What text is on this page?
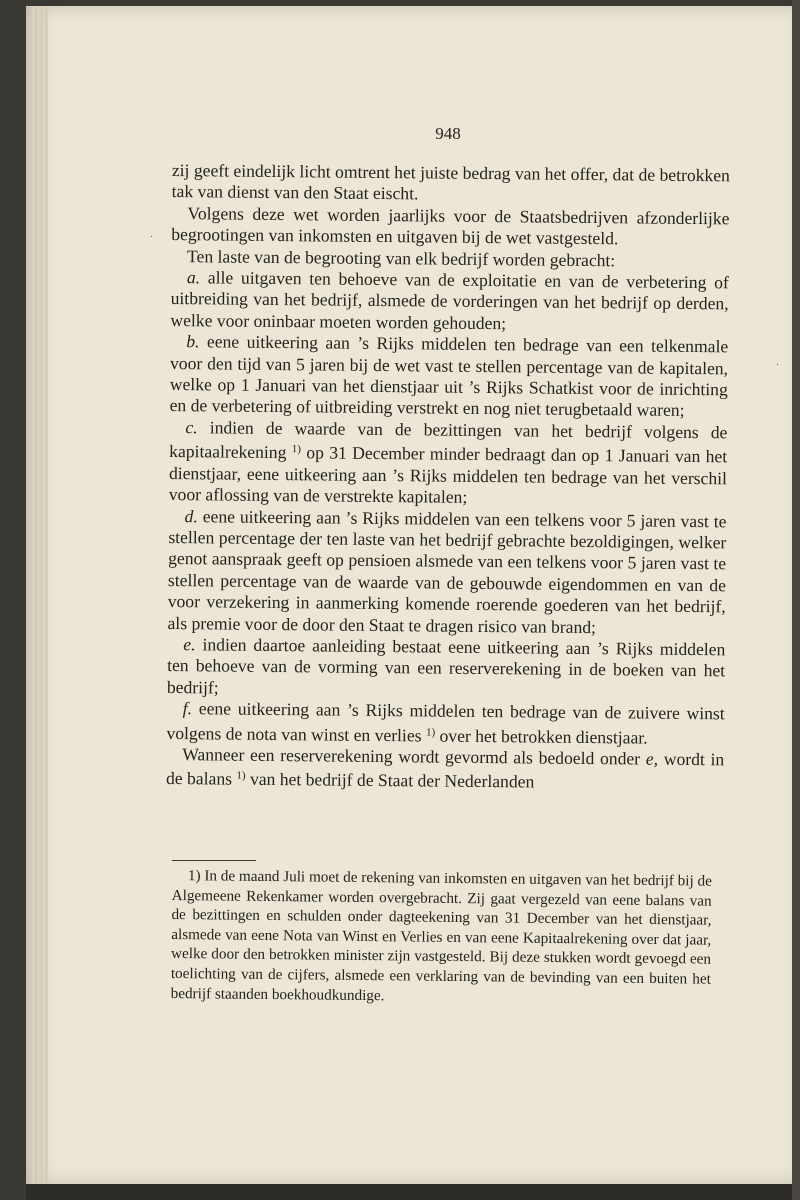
948

zij geeft eindelijk licht omtrent het juiste bedrag van het offer, dat de betrokken tak van dienst van den Staat eischt.

Volgens deze wet worden jaarlijks voor de Staatsbedrijven afzonderlijke begrootingen van inkomsten en uitgaven bij de wet vastgesteld.

Ten laste van de begrooting van elk bedrijf worden gebracht:

a. alle uitgaven ten behoeve van de exploitatie en van de verbetering of uitbreiding van het bedrijf, alsmede de vorderingen van het bedrijf op derden, welke voor oninbaar moeten worden gehouden;

b. eene uitkeering aan ’s Rijks middelen ten bedrage van een telkenmale voor den tijd van 5 jaren bij de wet vast te stellen percentage van de kapitalen, welke op 1 Januari van het dienstjaar uit ’s Rijks Schatkist voor de inrichting en de verbetering of uitbreiding verstrekt en nog niet terugbetaald waren;

c. indien de waarde van de bezittingen van het bedrijf volgens de kapitaalrekening $^{1)}$ op 31 December minder bedraagt dan op 1 Januari van het dienstjaar, eene uitkeering aan ’s Rijks middelen ten bedrage van het verschil voor aflossing van de verstrekte kapitalen;

d. eene uitkeering aan ’s Rijks middelen van een telkens voor 5 jaren vast te stellen percentage der ten laste van het bedrijf gebrachte bezoldigingen, welker genot aanspraak geeft op pensioen alsmede van een telkens voor 5 jaren vast te stellen percentage van de waarde van de gebouwde eigendommen en van de voor verzekering in aanmerking komende roerende goederen van het bedrijf, als premie voor de door den Staat te dragen risico van brand;

e. indien daartoe aanleiding bestaat eene uitkeering aan ’s Rijks middelen ten behoeve van de vorming van een reserverekening in de boeken van het bedrijf;

f. eene uitkeering aan ’s Rijks middelen ten bedrage van de zuivere winst volgens de nota van winst en verlies $^{1)}$ over het betrokken dienstjaar.

Wanneer een reserverekening wordt gevormd als bedoeld onder e, wordt in de balans $^{1)}$ van het bedrijf de Staat der Nederlanden

1) In de maand Juli moet de rekening van inkomsten en uitgaven van het bedrijf bij de Algemeene Rekenkamer worden overgebracht. Zij gaat vergezeld van eene balans van de bezittingen en schulden onder dagteekening van 31 December van het dienstjaar, alsmede van eene Nota van Winst en Verlies en van eene Kapitaalrekening over dat jaar, welke door den betrokken minister zijn vastgesteld. Bij deze stukken wordt gevoegd een toelichting van de cijfers, alsmede een verklaring van de bevinding van een buiten het bedrijf staanden boekhoudkundige.

·
·
